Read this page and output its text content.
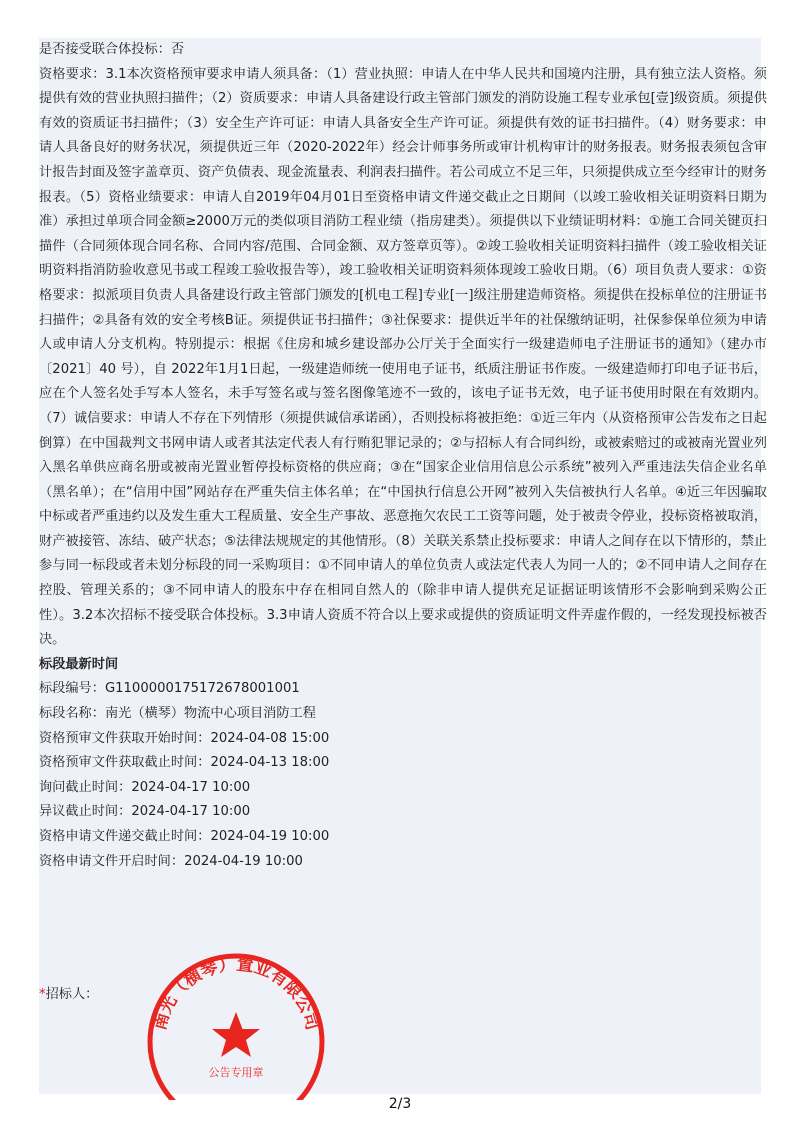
是否接受联合体投标：否

资格要求：3.1本次资格预审要求申请人须具备：（1）营业执照：申请人在中华人民共和国境内注册，具有独立法人资格。须提供有效的营业执照扫描件；（2）资质要求：申请人具备建设行政主管部门颁发的消防设施工程专业承包[壹]级资质。须提供有效的资质证书扫描件；（3）安全生产许可证：申请人具备安全生产许可证。须提供有效的证书扫描件。（4）财务要求：申请人具备良好的财务状况，须提供近三年（2020-2022年）经会计师事务所或审计机构审计的财务报表。财务报表须包含审计报告封面及签字盖章页、资产负债表、现金流量表、利润表扫描件。若公司成立不足三年，只须提供成立至今经审计的财务报表。（5）资格业绩要求：申请人自2019年04月01日至资格申请文件递交截止之日期间（以竣工验收相关证明资料日期为准）承担过单项合同金额≥2000万元的类似项目消防工程业绩（指房建类）。须提供以下业绩证明材料：①施工合同关键页扫描件（合同须体现合同名称、合同内容/范围、合同金额、双方签章页等）。②竣工验收相关证明资料扫描件（竣工验收相关证明资料指消防验收意见书或工程竣工验收报告等），竣工验收相关证明资料须体现竣工验收日期。（6）项目负责人要求：①资格要求：拟派项目负责人具备建设行政主管部门颁发的[机电工程]专业[一]级注册建造师资格。须提供在投标单位的注册证书扫描件；②具备有效的安全考核B证。须提供证书扫描件；③社保要求：提供近半年的社保缴纳证明，社保参保单位须为申请人或申请人分支机构。特别提示：根据《住房和城乡建设部办公厅关于全面实行一级建造师电子注册证书的通知》（建办市〔2021〕40 号），自 2022年1月1日起，一级建造师统一使用电子证书，纸质注册证书作废。一级建造师打印电子证书后，应在个人签名处手写本人签名，未手写签名或与签名图像笔迹不一致的，该电子证书无效，电子证书使用时限在有效期内。（7）诚信要求：申请人不存在下列情形（须提供诚信承诺函），否则投标将被拒绝：①近三年内（从资格预审公告发布之日起倒算）在中国裁判文书网申请人或者其法定代表人有行贿犯罪记录的；②与招标人有合同纠纷，或被索赔过的或被南光置业列入黑名单供应商名册或被南光置业暂停投标资格的供应商；③在“国家企业信用信息公示系统”被列入严重违法失信企业名单（黑名单）；在“信用中国”网站存在严重失信主体名单；在“中国执行信息公开网”被列入失信被执行人名单。④近三年因骗取中标或者严重违约以及发生重大工程质量、安全生产事故、恶意拖欠农民工工资等问题，处于被责令停业，投标资格被取消，财产被接管、冻结、破产状态；⑤法律法规规定的其他情形。（8）关联关系禁止投标要求：申请人之间存在以下情形的，禁止参与同一标段或者未划分标段的同一采购项目：①不同申请人的单位负责人或法定代表人为同一人的；②不同申请人之间存在控股、管理关系的；③不同申请人的股东中存在相同自然人的（除非申请人提供充足证据证明该情形不会影响到采购公正性）。3.2本次招标不接受联合体投标。3.3申请人资质不符合以上要求或提供的资质证明文件弄虚作假的，一经发现投标被否决。

标段最新时间

标段编号：G1100000175172678001001

标段名称：南光（横琴）物流中心项目消防工程

资格预审文件获取开始时间：2024-04-08 15:00

资格预审文件获取截止时间：2024-04-13 18:00

询问截止时间：2024-04-17 10:00

异议截止时间：2024-04-17 10:00

资格申请文件递交截止时间：2024-04-19 10:00

资格申请文件开启时间：2024-04-19 10:00

*招标人：
南光（横琴）置业有限公司
公告专用章
2/3
